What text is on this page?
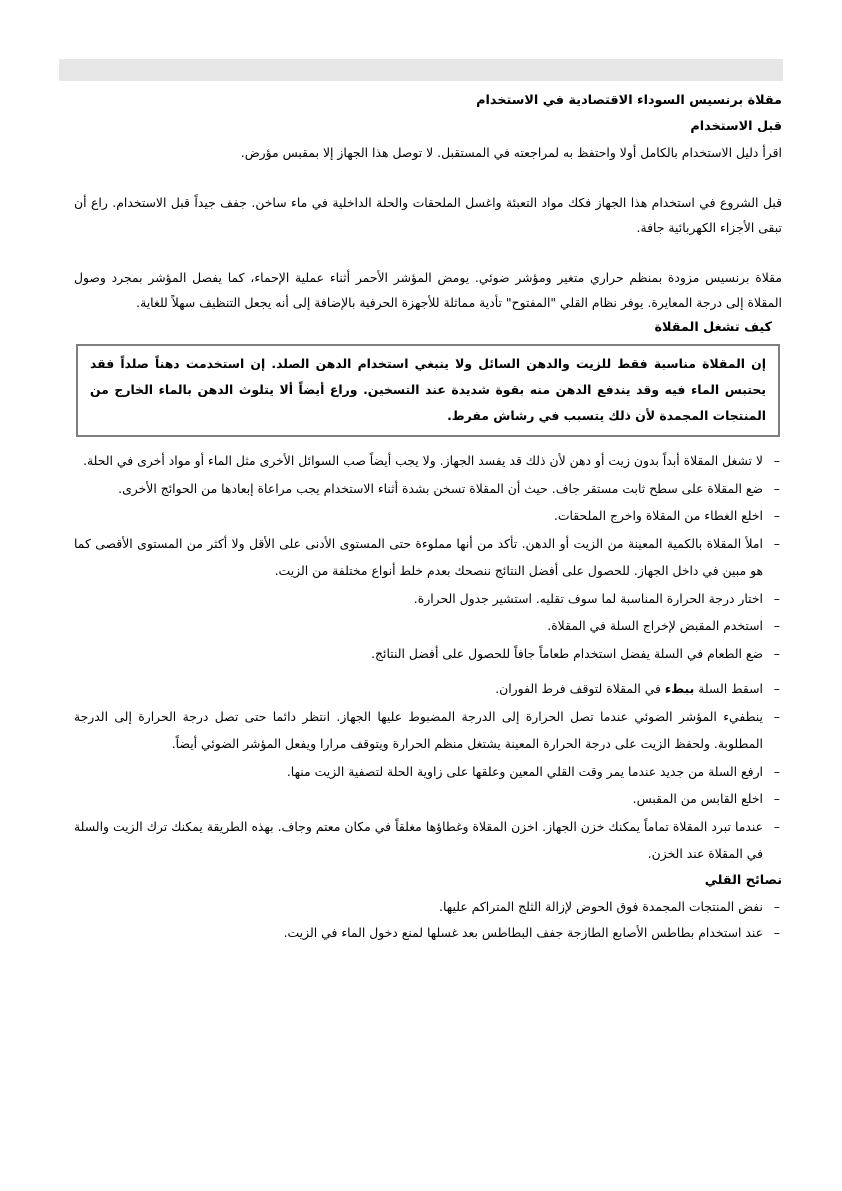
مقلاة برنسيس السوداء الاقتصادية في الاستخدام
قبل الاستخدام
اقرأ دليل الاستخدام بالكامل أولا واحتفظ به لمراجعته في المستقبل. لا توصل هذا الجهاز إلا بمقبس مؤرض.
قبل الشروع في استخدام هذا الجهاز فكك مواد التعبئة واغسل الملحقات والحلة الداخلية في ماء ساخن. جفف جيداً قبل الاستخدام. راع أن تبقى الأجزاء الكهربائية جافة.
مقلاة برنسيس مزودة بمنظم حراري متغير ومؤشر ضوئي. يومض المؤشر الأحمر أثناء عملية الإحماء، كما يفصل المؤشر بمجرد وصول المقلاة إلى درجة المعايرة. يوفر نظام القلي "المفتوح" تأدية مماثلة للأجهزة الحرفية بالإضافة إلى أنه يجعل التنظيف سهلاً للغاية.
كيف تشغل المقلاة
إن المقلاة مناسبة فقط للزيت والدهن السائل ولا ينبغي استخدام الدهن الصلد. إن استخدمت دهناً صلداً فقد يحتبس الماء فيه وقد يندفع الدهن منه بقوة شديدة عند التسخين. وراع أيضاً ألا يتلوث الدهن بالماء الخارج من المنتجات المجمدة لأن ذلك يتسبب في رشاش مفرط.
–
لا تشغل المقلاة أبداً بدون زيت أو دهن لأن ذلك قد يفسد الجهاز. ولا يجب أيضاً صب السوائل الأخرى مثل الماء أو مواد أخرى في الحلة.
–
ضع المقلاة على سطح ثابت مستقر جاف. حيث أن المقلاة تسخن بشدة أثناء الاستخدام يجب مراعاة إبعادها من الحوائج الأخرى.
–
اخلع الغطاء من المقلاة واخرج الملحقات.
–
املأ المقلاة بالكمية المعينة من الزيت أو الدهن. تأكد من أنها مملوءة حتى المستوى الأدنى على الأقل ولا أكثر من المستوى الأقصى كما هو مبين في داخل الجهاز. للحصول على أفضل النتائج ننصحك بعدم خلط أنواع مختلفة من الزيت.
–
اختار درجة الحرارة المناسبة لما سوف تقليه. استشير جدول الحرارة.
–
استخدم المقبض لإخراج السلة في المقلاة.
–
ضع الطعام في السلة يفضل استخدام طعاماً جافاً للحصول على أفضل النتائج.
–
اسقط السلة ببطء في المقلاة لتوقف فرط الفوران.
–
ينطفيء المؤشر الضوئي عندما تصل الحرارة إلى الدرجة المضبوط عليها الجهاز. انتظر دائما حتى تصل درجة الحرارة إلى الدرجة المطلوبة. ولحفظ الزيت على درجة الحرارة المعينة يشتغل منظم الحرارة ويتوقف مرارا ويفعل المؤشر الضوئي أيضاً.
–
ارفع السلة من جديد عندما يمر وقت القلي المعين وعلقها على زاوية الحلة لتصفية الزيت منها.
–
اخلع القابس من المقبس.
–
عندما تبرد المقلاة تماماً يمكنك خزن الجهاز. اخزن المقلاة وغطاؤها مغلقاً في مكان معتم وجاف. بهذه الطريقة يمكنك ترك الزيت والسلة في المقلاة عند الخزن.
نصائح القلي
–
نفض المنتجات المجمدة فوق الحوض لإزالة الثلج المتراكم عليها.
–
عند استخدام بطاطس الأصابع الطازجة جفف البطاطس بعد غسلها لمنع دخول الماء في الزيت.
